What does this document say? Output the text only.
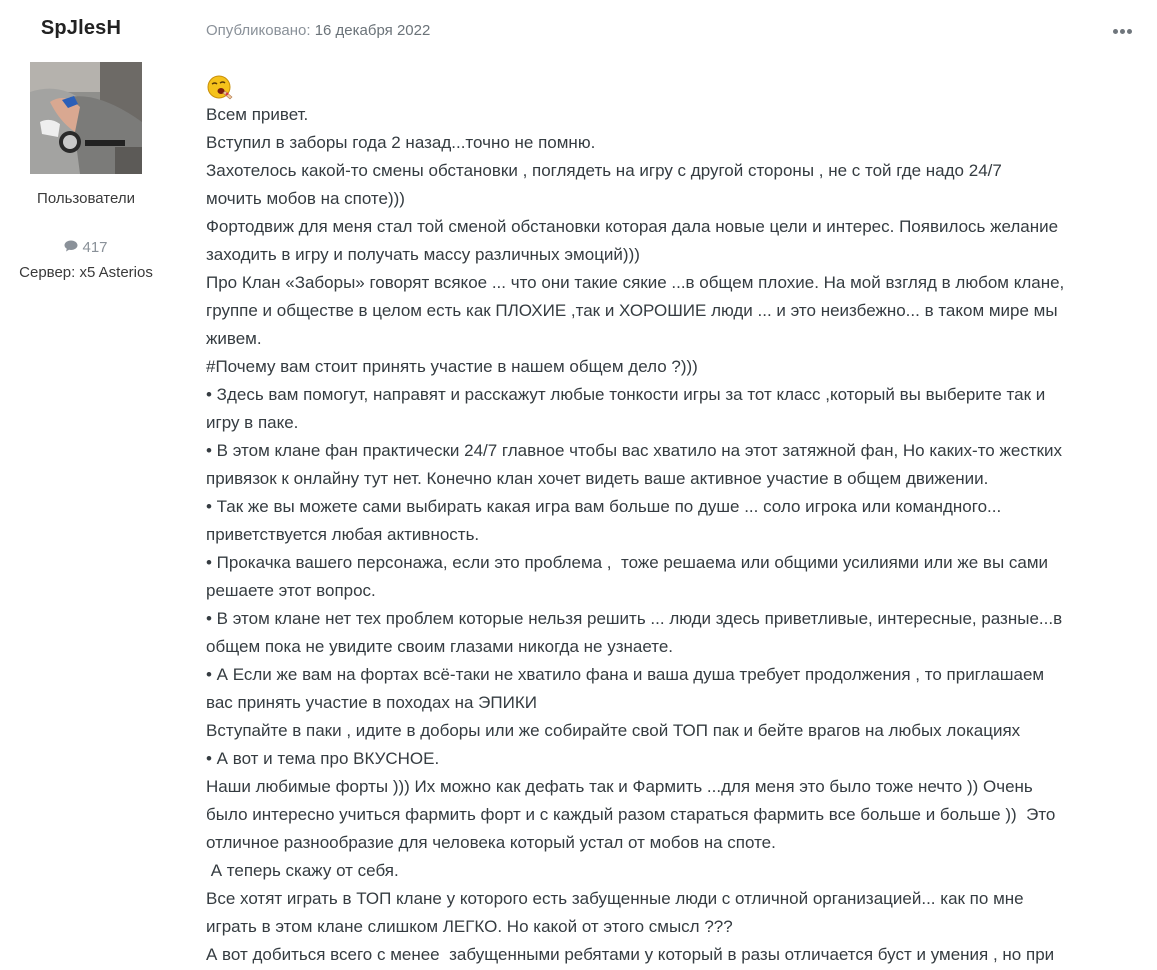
SpJlesH
Пользователи
417
Сервер: x5 Asterios
Опубликовано: 16 декабря 2022
Всем привет.
Вступил в заборы года 2 назад...точно не помню.
Захотелось какой-то смены обстановки , поглядеть на игру с другой стороны , не с той где надо 24/7
мочить мобов на споте)))
Фортодвиж для меня стал той сменой обстановки которая дала новые цели и интерес. Появилось желание
заходить в игру и получать массу различных эмоций)))
Про Клан «Заборы» говорят всякое ... что они такие сякие ...в общем плохие. На мой взгляд в любом клане,
группе и обществе в целом есть как ПЛОХИЕ ,так и ХОРОШИЕ люди ... и это неизбежно... в таком мире мы
живем.
#Почему вам стоит принять участие в нашем общем дело ?)))
• Здесь вам помогут, направят и расскажут любые тонкости игры за тот класс ,который вы выберите так и
игру в паке.
• В этом клане фан практически 24/7 главное чтобы вас хватило на этот затяжной фан, Но каких-то жестких
привязок к онлайну тут нет. Конечно клан хочет видеть ваше активное участие в общем движении.
• Так же вы можете сами выбирать какая игра вам больше по душе ... соло игрока или командного...
приветствуется любая активность.
• Прокачка вашего персонажа, если это проблема ,  тоже решаема или общими усилиями или же вы сами
решаете этот вопрос.
• В этом клане нет тех проблем которые нельзя решить ... люди здесь приветливые, интересные, разные...в
общем пока не увидите своим глазами никогда не узнаете.
• А Если же вам на фортах всё-таки не хватило фана и ваша душа требует продолжения , то приглашаем
вас принять участие в походах на ЭПИКИ
Вступайте в паки , идите в доборы или же собирайте свой ТОП пак и бейте врагов на любых локациях
• А вот и тема про ВКУСНОЕ.
Наши любимые форты ))) Их можно как дефать так и Фармить ...для меня это было тоже нечто )) Очень
было интересно учиться фармить форт и с каждый разом стараться фармить все больше и больше ))  Это
отличное разнообразие для человека который устал от мобов на споте.
А теперь скажу от себя.
Все хотят играть в ТОП клане у которого есть забущенные люди с отличной организацией... как по мне
играть в этом клане слишком ЛЕГКО. Но какой от этого смысл ???
А вот добиться всего с менее  забущенными ребятами у который в разы отличается буст и умения , но при
